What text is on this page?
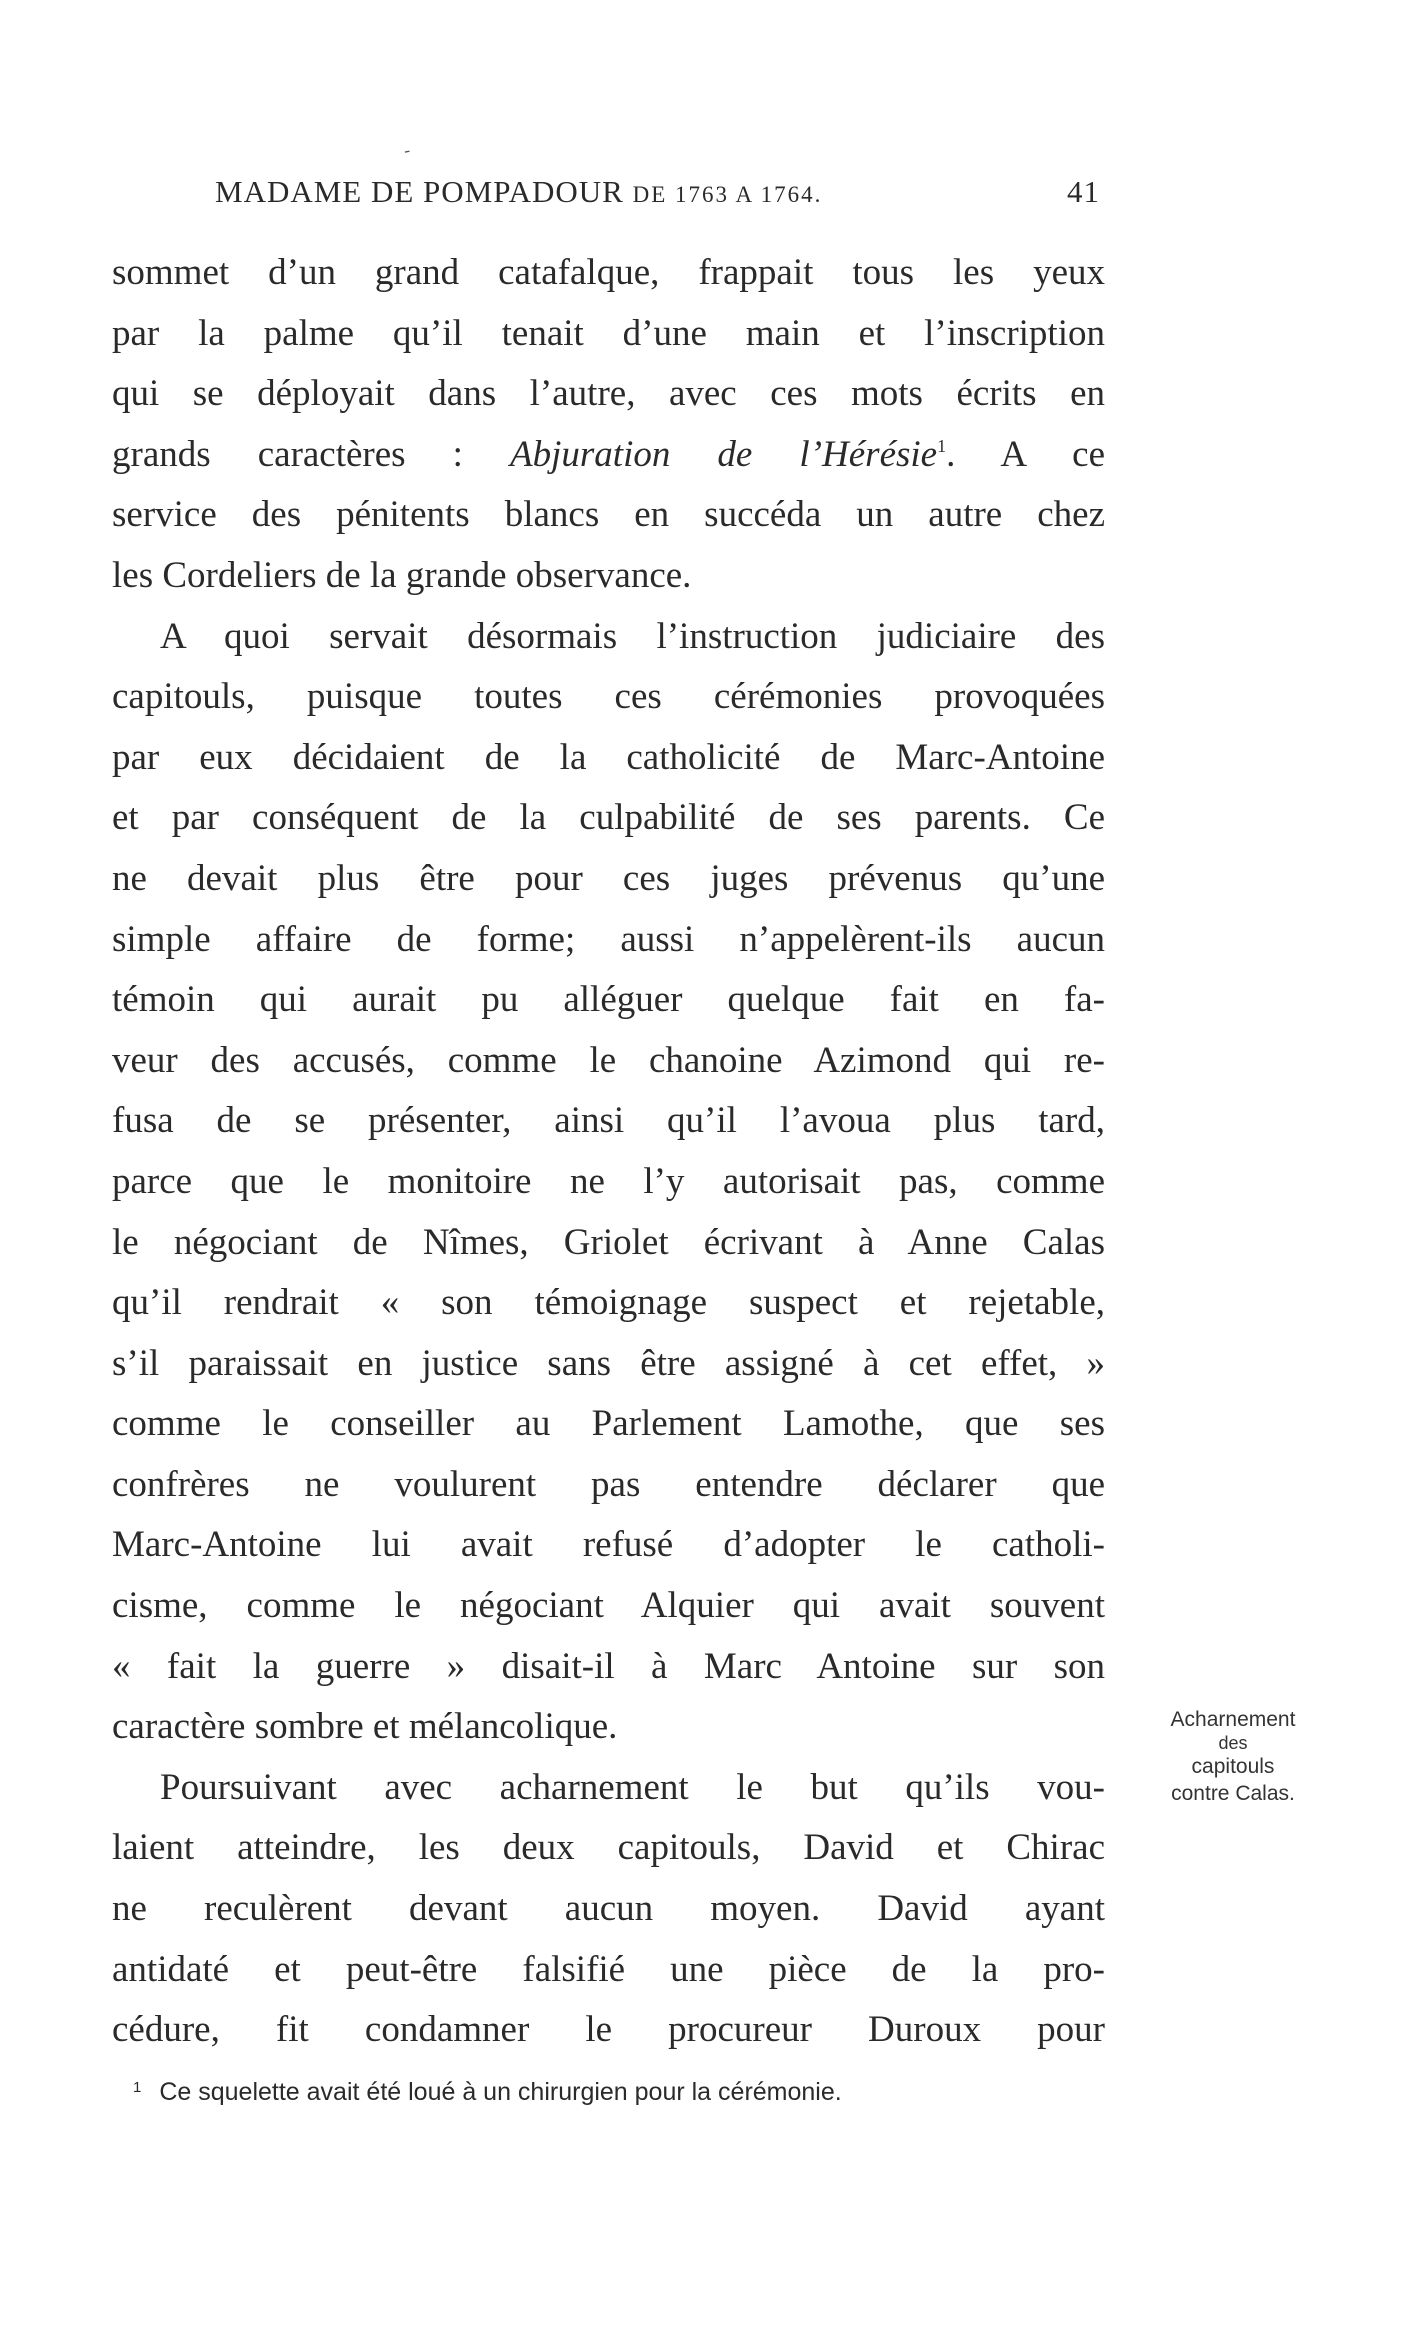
-
MADAME DE POMPADOUR DE 1763 A 1764.	41
sommet d’un grand catafalque, frappait tous les yeux
par la palme qu’il tenait d’une main et l’inscription
qui se déployait dans l’autre, avec ces mots écrits en
grands caractères : Abjuration de l’Hérésie$^1$. A ce
service des pénitents blancs en succéda un autre chez
les Cordeliers de la grande observance.
A quoi servait désormais l’instruction judiciaire des
capitouls, puisque toutes ces cérémonies provoquées
par eux décidaient de la catholicité de Marc-Antoine
et par conséquent de la culpabilité de ses parents. Ce
ne devait plus être pour ces juges prévenus qu’une
simple affaire de forme; aussi n’appelèrent-ils aucun
témoin qui aurait pu alléguer quelque fait en fa-
veur des accusés, comme le chanoine Azimond qui re-
fusa de se présenter, ainsi qu’il l’avoua plus tard,
parce que le monitoire ne l’y autorisait pas, comme
le négociant de Nîmes, Griolet écrivant à Anne Calas
qu’il rendrait « son témoignage suspect et rejetable,
s’il paraissait en justice sans être assigné à cet effet, »
comme le conseiller au Parlement Lamothe, que ses
confrères ne voulurent pas entendre déclarer que
Marc-Antoine lui avait refusé d’adopter le catholi-
cisme, comme le négociant Alquier qui avait souvent
« fait la guerre » disait-il à Marc Antoine sur son
caractère sombre et mélancolique.
Poursuivant avec acharnement le but qu’ils vou-
laient atteindre, les deux capitouls, David et Chirac
ne reculèrent devant aucun moyen. David ayant
antidaté et peut-être falsifié une pièce de la pro-
cédure, fit condamner le procureur Duroux pour
Acharnement
des
capitouls
contre Calas.
$^1$ Ce squelette avait été loué à un chirurgien pour la cérémonie.
